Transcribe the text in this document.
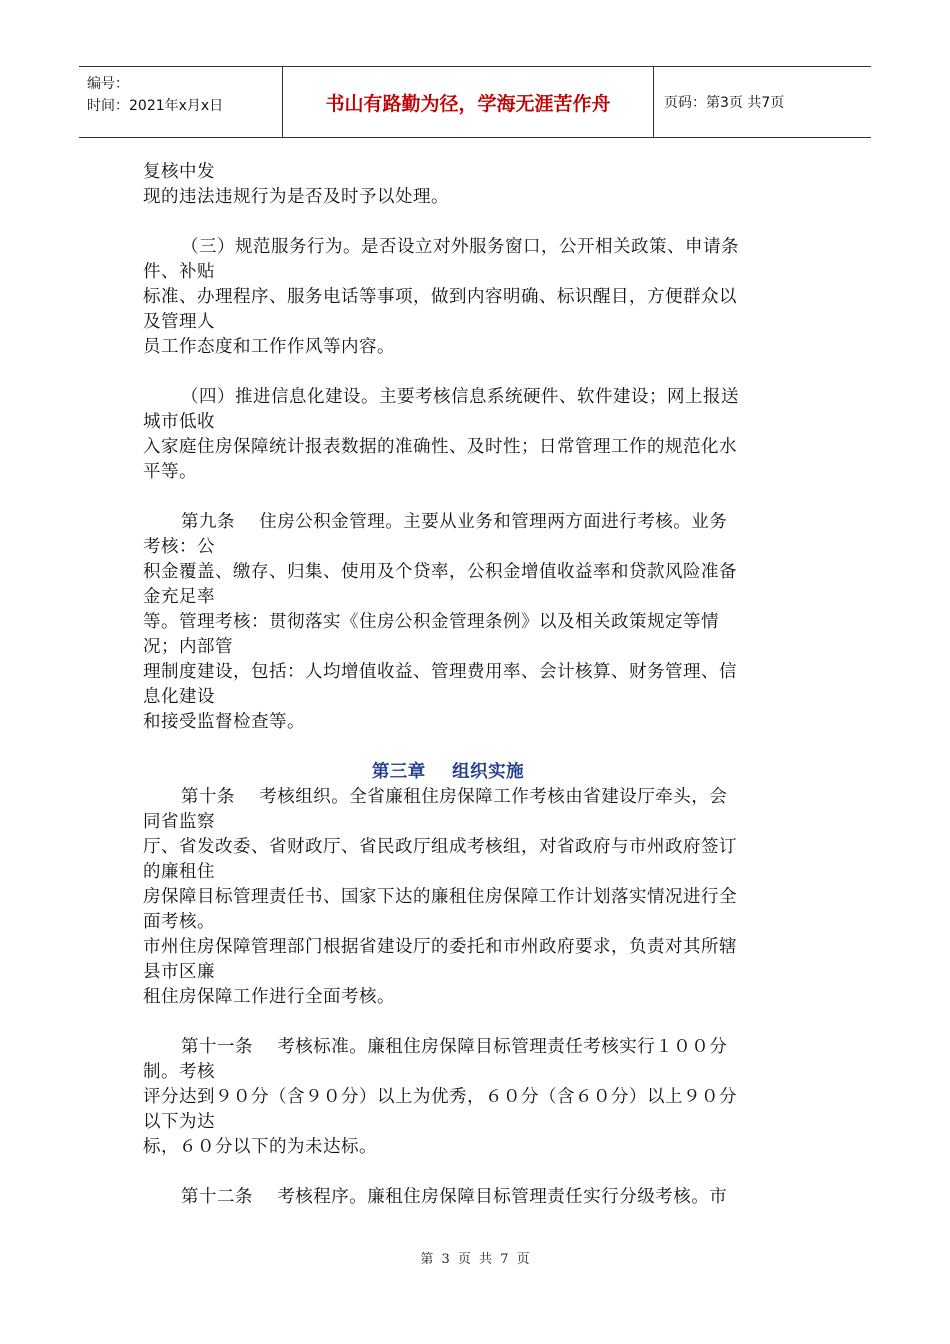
编号：
时间：2021年x月x日	书山有路勤为径，学海无涯苦作舟	页码：第3页 共7页
复核中发
现的违法违规行为是否及时予以处理。
（三）规范服务行为。是否设立对外服务窗口，公开相关政策、申请条
件、补贴
标准、办理程序、服务电话等事项，做到内容明确、标识醒目，方便群众以
及管理人
员工作态度和工作作风等内容。
（四）推进信息化建设。主要考核信息系统硬件、软件建设；网上报送
城市低收
入家庭住房保障统计报表数据的准确性、及时性；日常管理工作的规范化水
平等。
第九条    住房公积金管理。主要从业务和管理两方面进行考核。业务
考核：公
积金覆盖、缴存、归集、使用及个贷率，公积金增值收益率和贷款风险准备
金充足率
等。管理考核：贯彻落实《住房公积金管理条例》以及相关政策规定等情
况；内部管
理制度建设，包括：人均增值收益、管理费用率、会计核算、财务管理、信
息化建设
和接受监督检查等。
第三章    组织实施
第十条    考核组织。全省廉租住房保障工作考核由省建设厅牵头，会
同省监察
厅、省发改委、省财政厅、省民政厅组成考核组，对省政府与市州政府签订
的廉租住
房保障目标管理责任书、国家下达的廉租住房保障工作计划落实情况进行全
面考核。
市州住房保障管理部门根据省建设厅的委托和市州政府要求，负责对其所辖
县市区廉
租住房保障工作进行全面考核。
第十一条    考核标准。廉租住房保障目标管理责任考核实行１００分
制。考核
评分达到９０分（含９０分）以上为优秀，６０分（含６０分）以上９０分
以下为达
标，６０分以下的为未达标。
第十二条    考核程序。廉租住房保障目标管理责任实行分级考核。市
第 3 页 共 7 页
